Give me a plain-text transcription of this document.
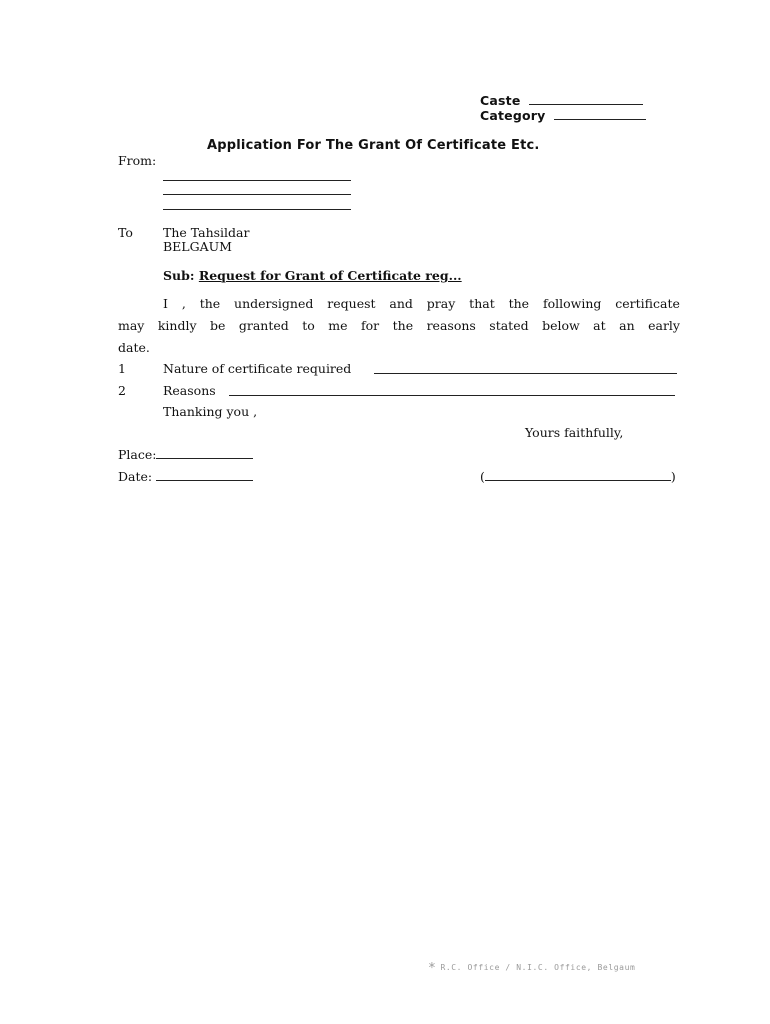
Caste
Category
Application For The Grant Of Certificate Etc.
From:
To The Tahsildar
BELGAUM
Sub: Request for Grant of Certificate reg...
I , the undersigned request and pray that the following certificate
may kindly be granted to me for the reasons stated below at an early
date.
1	Nature of certificate required
2	Reasons
Thanking you ,
Yours faithfully,
Place:
Date:	(	)
* R.C. Office / N.I.C. Office, Belgaum
